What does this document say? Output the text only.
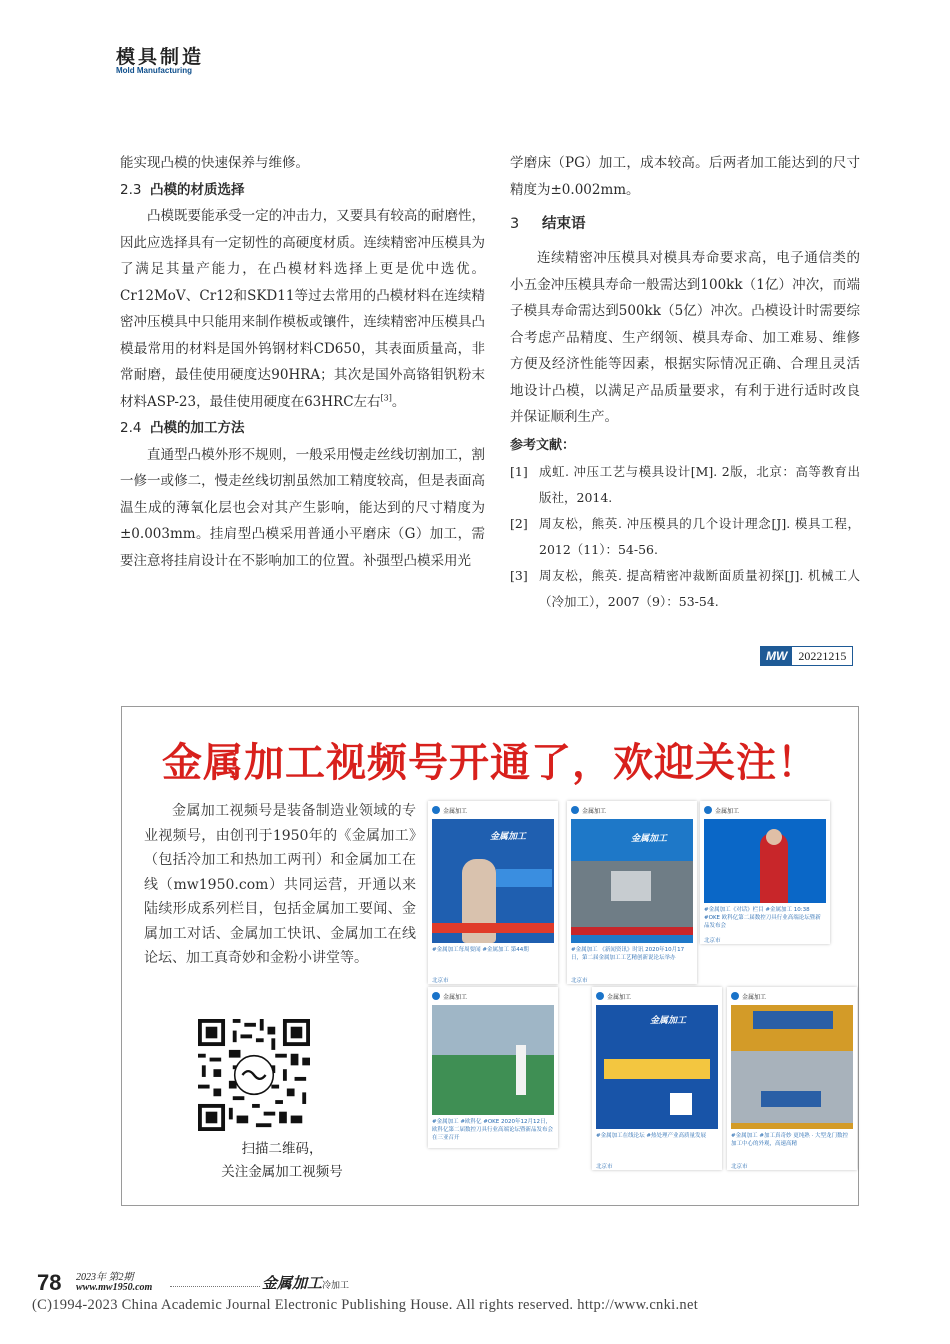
模具制造
Mold Manufacturing

能实现凸模的快速保养与维修。

2.3 凸模的材质选择

凸模既要能承受一定的冲击力，又要具有较高的耐磨性，因此应选择具有一定韧性的高硬度材质。连续精密冲压模具为了满足其量产能力，在凸模材料选择上更是优中选优。Cr12MoV、Cr12和SKD11等过去常用的凸模材料在连续精密冲压模具中只能用来制作模板或镶件，连续精密冲压模具凸模最常用的材料是国外钨钢材料CD650，其表面质量高，非常耐磨，最佳使用硬度达90HRA；其次是国外高铬钼钒粉末材料ASP-23，最佳使用硬度在63HRC左右[3]。

2.4 凸模的加工方法

直通型凸模外形不规则，一般采用慢走丝线切割加工，割一修一或修二，慢走丝线切割虽然加工精度较高，但是表面高温生成的薄氧化层也会对其产生影响，能达到的尺寸精度为±0.003mm。挂肩型凸模采用普通小平磨床（G）加工，需要注意将挂肩设计在不影响加工的位置。补强型凸模采用光

学磨床（PG）加工，成本较高。后两者加工能达到的尺寸精度为±0.002mm。

3 结束语

连续精密冲压模具对模具寿命要求高，电子通信类的小五金冲压模具寿命一般需达到100kk（1亿）冲次，而端子模具寿命需达到500kk（5亿）冲次。凸模设计时需要综合考虑产品精度、生产纲领、模具寿命、加工难易、维修方便及经济性能等因素，根据实际情况正确、合理且灵活地设计凸模，以满足产品质量要求，有利于进行适时改良并保证顺利生产。

参考文献：

[1] 成虹. 冲压工艺与模具设计[M]. 2版，北京：高等教育出版社，2014.
[2] 周友松，熊英. 冲压模具的几个设计理念[J]. 模具工程，2012（11）：54-56.
[3] 周友松，熊英. 提高精密冲裁断面质量初探[J]. 机械工人（冷加工），2007（9）：53-54.
MW 20221215
金属加工视频号开通了，欢迎关注！

金属加工视频号是装备制造业领域的专业视频号，由创刊于1950年的《金属加工》（包括冷加工和热加工两刊）和金属加工在线（mw1950.com）共同运营，开通以来陆续形成系列栏目，包括金属加工要闻、金属加工对话、金属加工快讯、金属加工在线论坛、加工真奇妙和金粉小讲堂等。

扫描二维码，
关注金属加工视频号
金属加工
金属加工
#金属加工每周要闻 #金属加工 第44期
北京市
金属加工
金属加工
#金属加工 《新闻资讯》时讯 2020年10月17日，第二届金属加工工艺精创新说论坛举办
北京市
金属加工
#金属加工《对话》栏目 #金属加工 10:38 #OKE 欧科亿第二届数控刀具行业高端论坛暨新品发布会
北京市
金属加工
#金属加工 #欧科亿 #OKE 2020年12月12日，欧科亿第二届数控刀具行业高端论坛暨新品发布会在三亚召开
金属加工
金属加工
#金属加工在线论坛 #热处理产业高质量发展
北京市
金属加工
#金属加工 #加工真奇妙 更纯熟 · 大型龙门数控加工中心的外观，高速高精
北京市
78 2023年 第2期
www.mw1950.com	金属加工冷加工
(C)1994-2023 China Academic Journal Electronic Publishing House. All rights reserved. http://www.cnki.net
